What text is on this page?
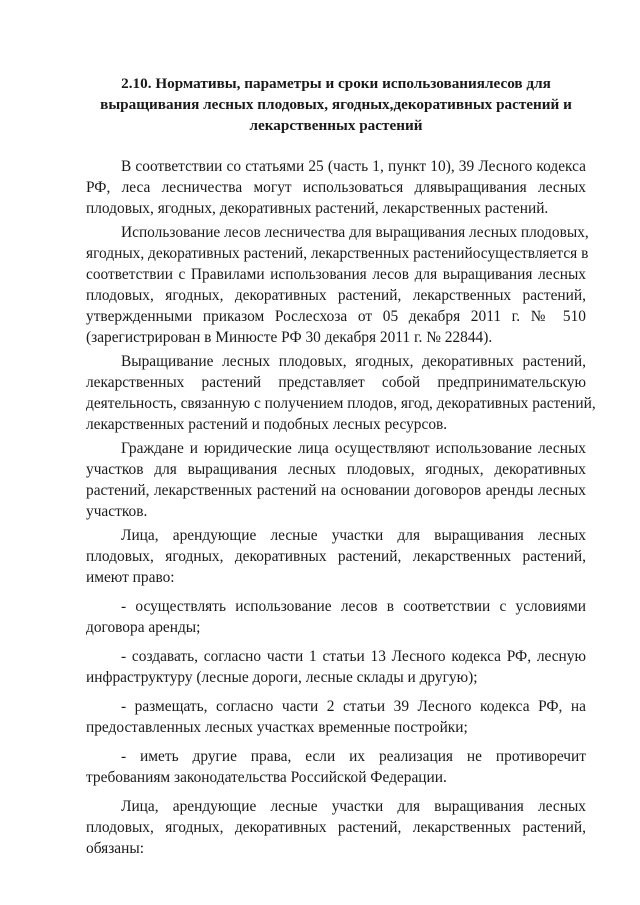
2.10. Нормативы, параметры и сроки использованиялесов для
выращивания лесных плодовых, ягодных,декоративных растений и
лекарственных растений
В соответствии со статьями 25 (часть 1, пункт 10), 39 Лесного кодекса
РФ, леса лесничества могут использоваться длявыращивания лесных
плодовых, ягодных, декоративных растений, лекарственных растений.
Использование лесов лесничества для выращивания лесных плодовых,
ягодных, декоративных растений, лекарственных растенийосуществляется в
соответствии с Правилами использования лесов для выращивания лесных
плодовых, ягодных, декоративных растений, лекарственных растений,
утвержденными приказом Рослесхоза от 05 декабря 2011 г. № 510
(зарегистрирован в Минюсте РФ 30 декабря 2011 г. № 22844).
Выращивание лесных плодовых, ягодных, декоративных растений,
лекарственных растений представляет собой предпринимательскую
деятельность, связанную с получением плодов, ягод, декоративных растений,
лекарственных растений и подобных лесных ресурсов.
Граждане и юридические лица осуществляют использование лесных
участков для выращивания лесных плодовых, ягодных, декоративных
растений, лекарственных растений на основании договоров аренды лесных
участков.
Лица, арендующие лесные участки для выращивания лесных
плодовых, ягодных, декоративных растений, лекарственных растений,
имеют право:
- осуществлять использование лесов в соответствии с условиями
договора аренды;
- создавать, согласно части 1 статьи 13 Лесного кодекса РФ, лесную
инфраструктуру (лесные дороги, лесные склады и другую);
- размещать, согласно части 2 статьи 39 Лесного кодекса РФ, на
предоставленных лесных участках временные постройки;
- иметь другие права, если их реализация не противоречит
требованиям законодательства Российской Федерации.
Лица, арендующие лесные участки для выращивания лесных
плодовых, ягодных, декоративных растений, лекарственных растений,
обязаны:
